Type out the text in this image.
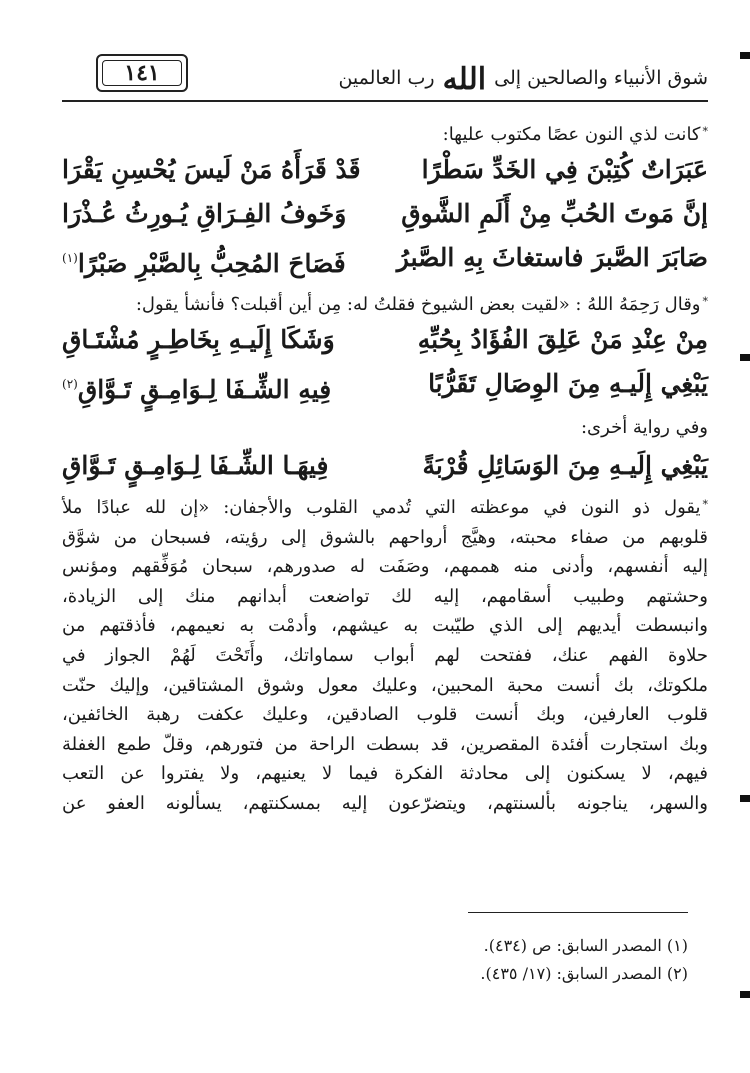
شوق الأنبياء والصالحين إلى الله رب العالمين
١٤١
*كانت لذي النون عصًا مكتوب عليها:
عَبَرَاتٌ كُتِبْنَ فِي الخَدِّ سَطْرًا
قَدْ قَرَأَهُ مَنْ لَيسَ يُحْسِنِ يَقْرَا
إنَّ مَوتَ الحُبِّ مِنْ أَلَمِ الشَّوقِ
وَخَوفُ الفِـرَاقِ يُـورِثُ عُـذْرَا
صَابَرَ الصَّبرَ فاستغاثَ بِهِ الصَّبرُ
فَصَاحَ المُحِبُّ بِالصَّبْرِ صَبْرًا$^{(١)}$
*وقال رَحِمَهُ اللهُ : «لقيت بعض الشيوخ فقلتُ له: مِن أين أقبلت؟ فأنشأ يقول:
مِنْ عِنْدِ مَنْ عَلِقَ الفُؤَادُ بِحُبِّهِ
وَشَكَا إِلَيـهِ بِخَاطِـرٍ مُشْتَـاقِ
يَبْغِي إِلَيـهِ مِنَ الوِصَالِ تَقَرُّبًا
فِيهِ الشِّـفَا لِـوَامِـقٍ تَـوَّاقِ$^{(٢)}$
وفي رواية أخرى:
يَبْغِي إِلَيـهِ مِنَ الوَسَائِلِ قُرْبَةً
فِيهَـا الشِّـفَا لِـوَامِـقٍ تَـوَّاقِ
*يقول ذو النون في موعظته التي تُدمي القلوب والأجفان: «إن لله عبادًا ملأ
قلوبهم من صفاء محبته، وهيَّج أرواحهم بالشوق إلى رؤيته، فسبحان من شوَّق
إليه أنفسهم، وأدنى منه هممهم، وصَفَت له صدورهم، سبحان مُوَفِّقهم ومؤنس
وحشتهم وطبيب أسقامهم، إليه لك تواضعت أبدانهم منك إلى الزيادة،
وانبسطت أيديهم إلى الذي طيّبت به عيشهم، وأدمْت به نعيمهم، فأذقتهم من
حلاوة الفهم عنك، ففتحت لهم أبواب سماواتك، وأَتَحْتَ لَهُمْ الجواز في
ملكوتك، بك أنست محبة المحبين، وعليك معول وشوق المشتاقين، وإليك حنّت
قلوب العارفين، وبك أنست قلوب الصادقين، وعليك عكفت رهبة الخائفين،
وبك استجارت أفئدة المقصرين، قد بسطت الراحة من فتورهم، وقلّ طمع الغفلة
فيهم، لا يسكنون إلى محادثة الفكرة فيما لا يعنيهم، ولا يفتروا عن التعب
والسهر، يناجونه بألسنتهم، ويتضرّعون إليه بمسكنتهم، يسألونه العفو عن
(١) المصدر السابق: ص (٤٣٤).
(٢) المصدر السابق: (١٧/ ٤٣٥).
